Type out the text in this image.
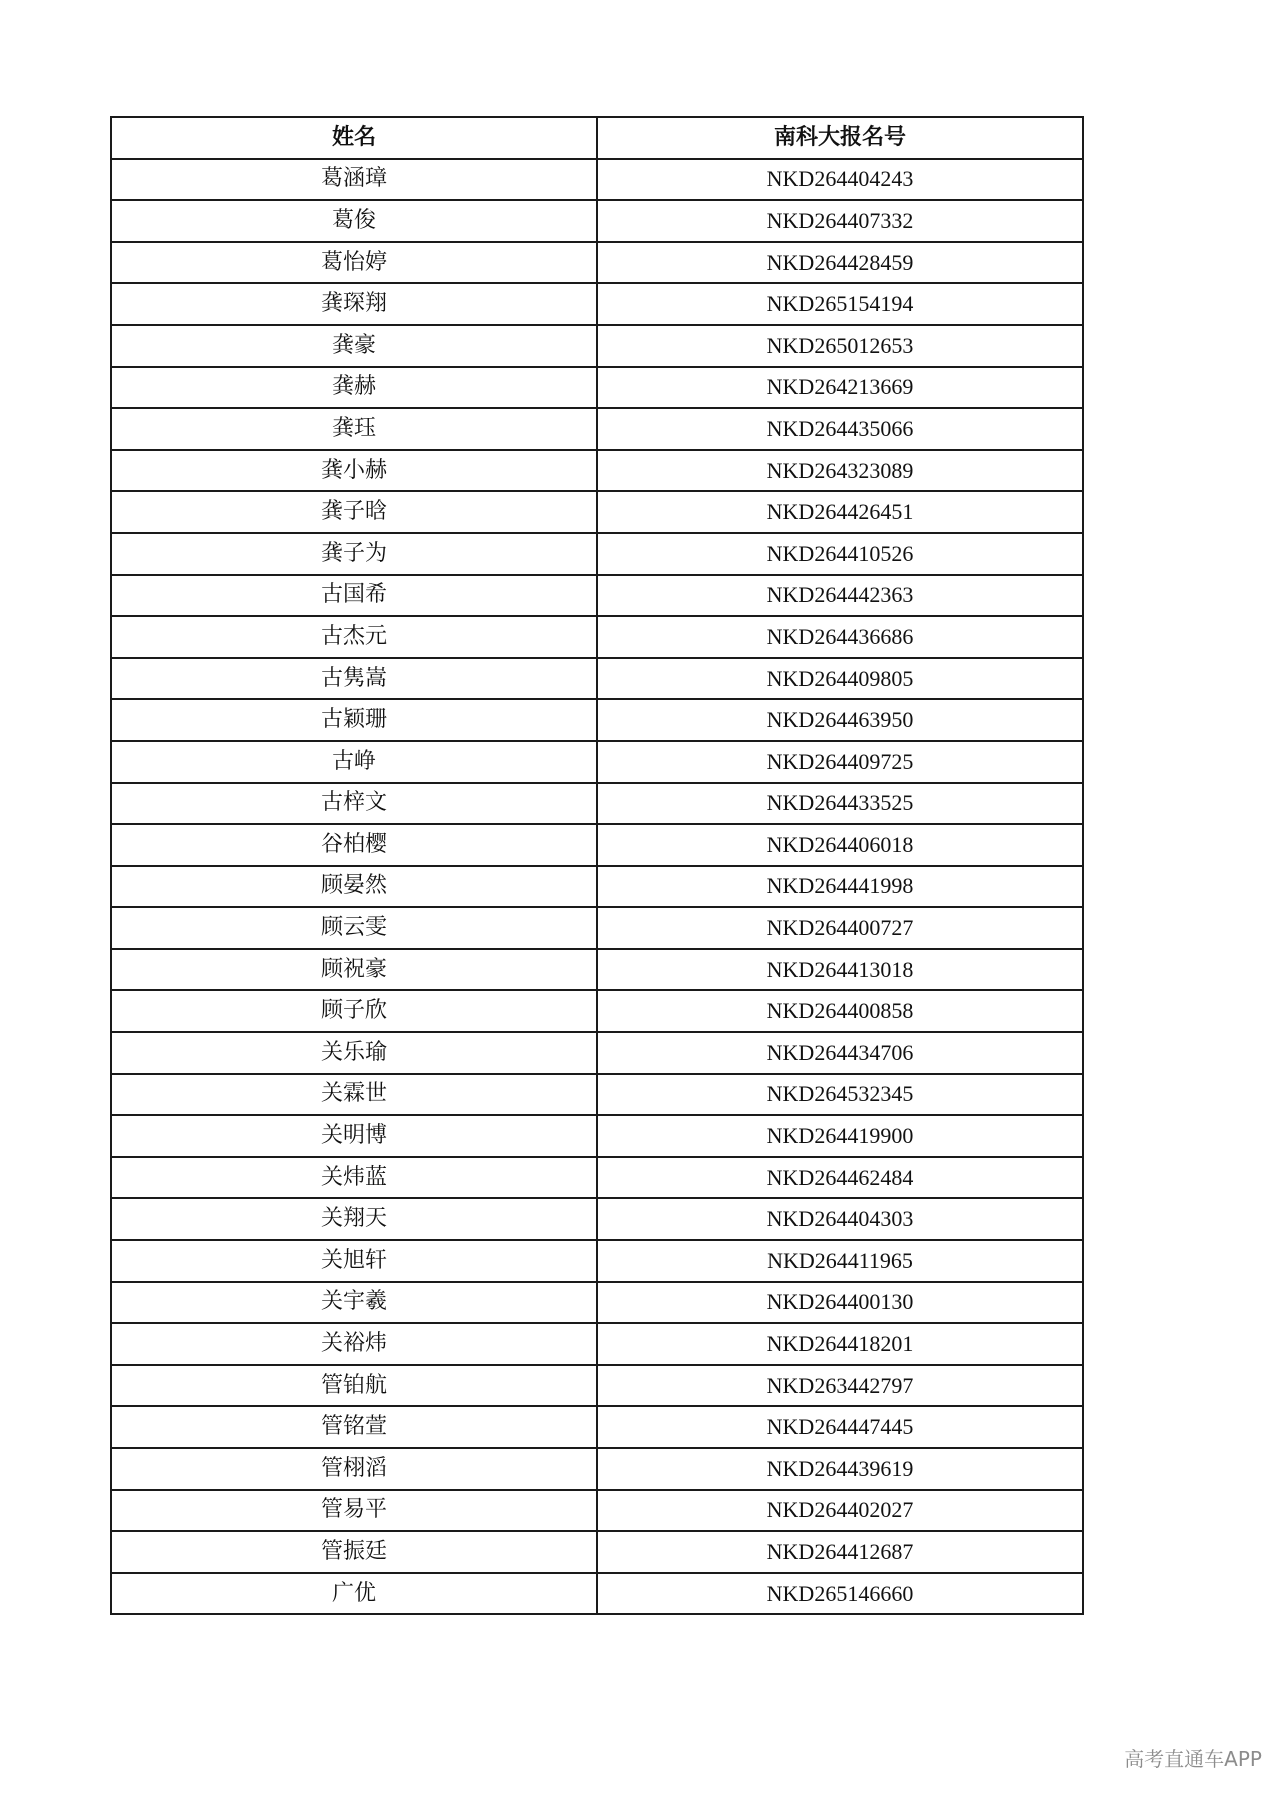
姓名	南科大报名号
葛涵璋	NKD264404243
葛俊	NKD264407332
葛怡婷	NKD264428459
龚琛翔	NKD265154194
龚豪	NKD265012653
龚赫	NKD264213669
龚珏	NKD264435066
龚小赫	NKD264323089
龚子晗	NKD264426451
龚子为	NKD264410526
古国希	NKD264442363
古杰元	NKD264436686
古隽嵩	NKD264409805
古颖珊	NKD264463950
古峥	NKD264409725
古梓文	NKD264433525
谷柏樱	NKD264406018
顾晏然	NKD264441998
顾云雯	NKD264400727
顾祝豪	NKD264413018
顾子欣	NKD264400858
关乐瑜	NKD264434706
关霖世	NKD264532345
关明博	NKD264419900
关炜蓝	NKD264462484
关翔天	NKD264404303
关旭轩	NKD264411965
关宇羲	NKD264400130
关裕炜	NKD264418201
管铂航	NKD263442797
管铭萱	NKD264447445
管栩滔	NKD264439619
管易平	NKD264402027
管振廷	NKD264412687
广优	NKD265146660
高考直通车APP
